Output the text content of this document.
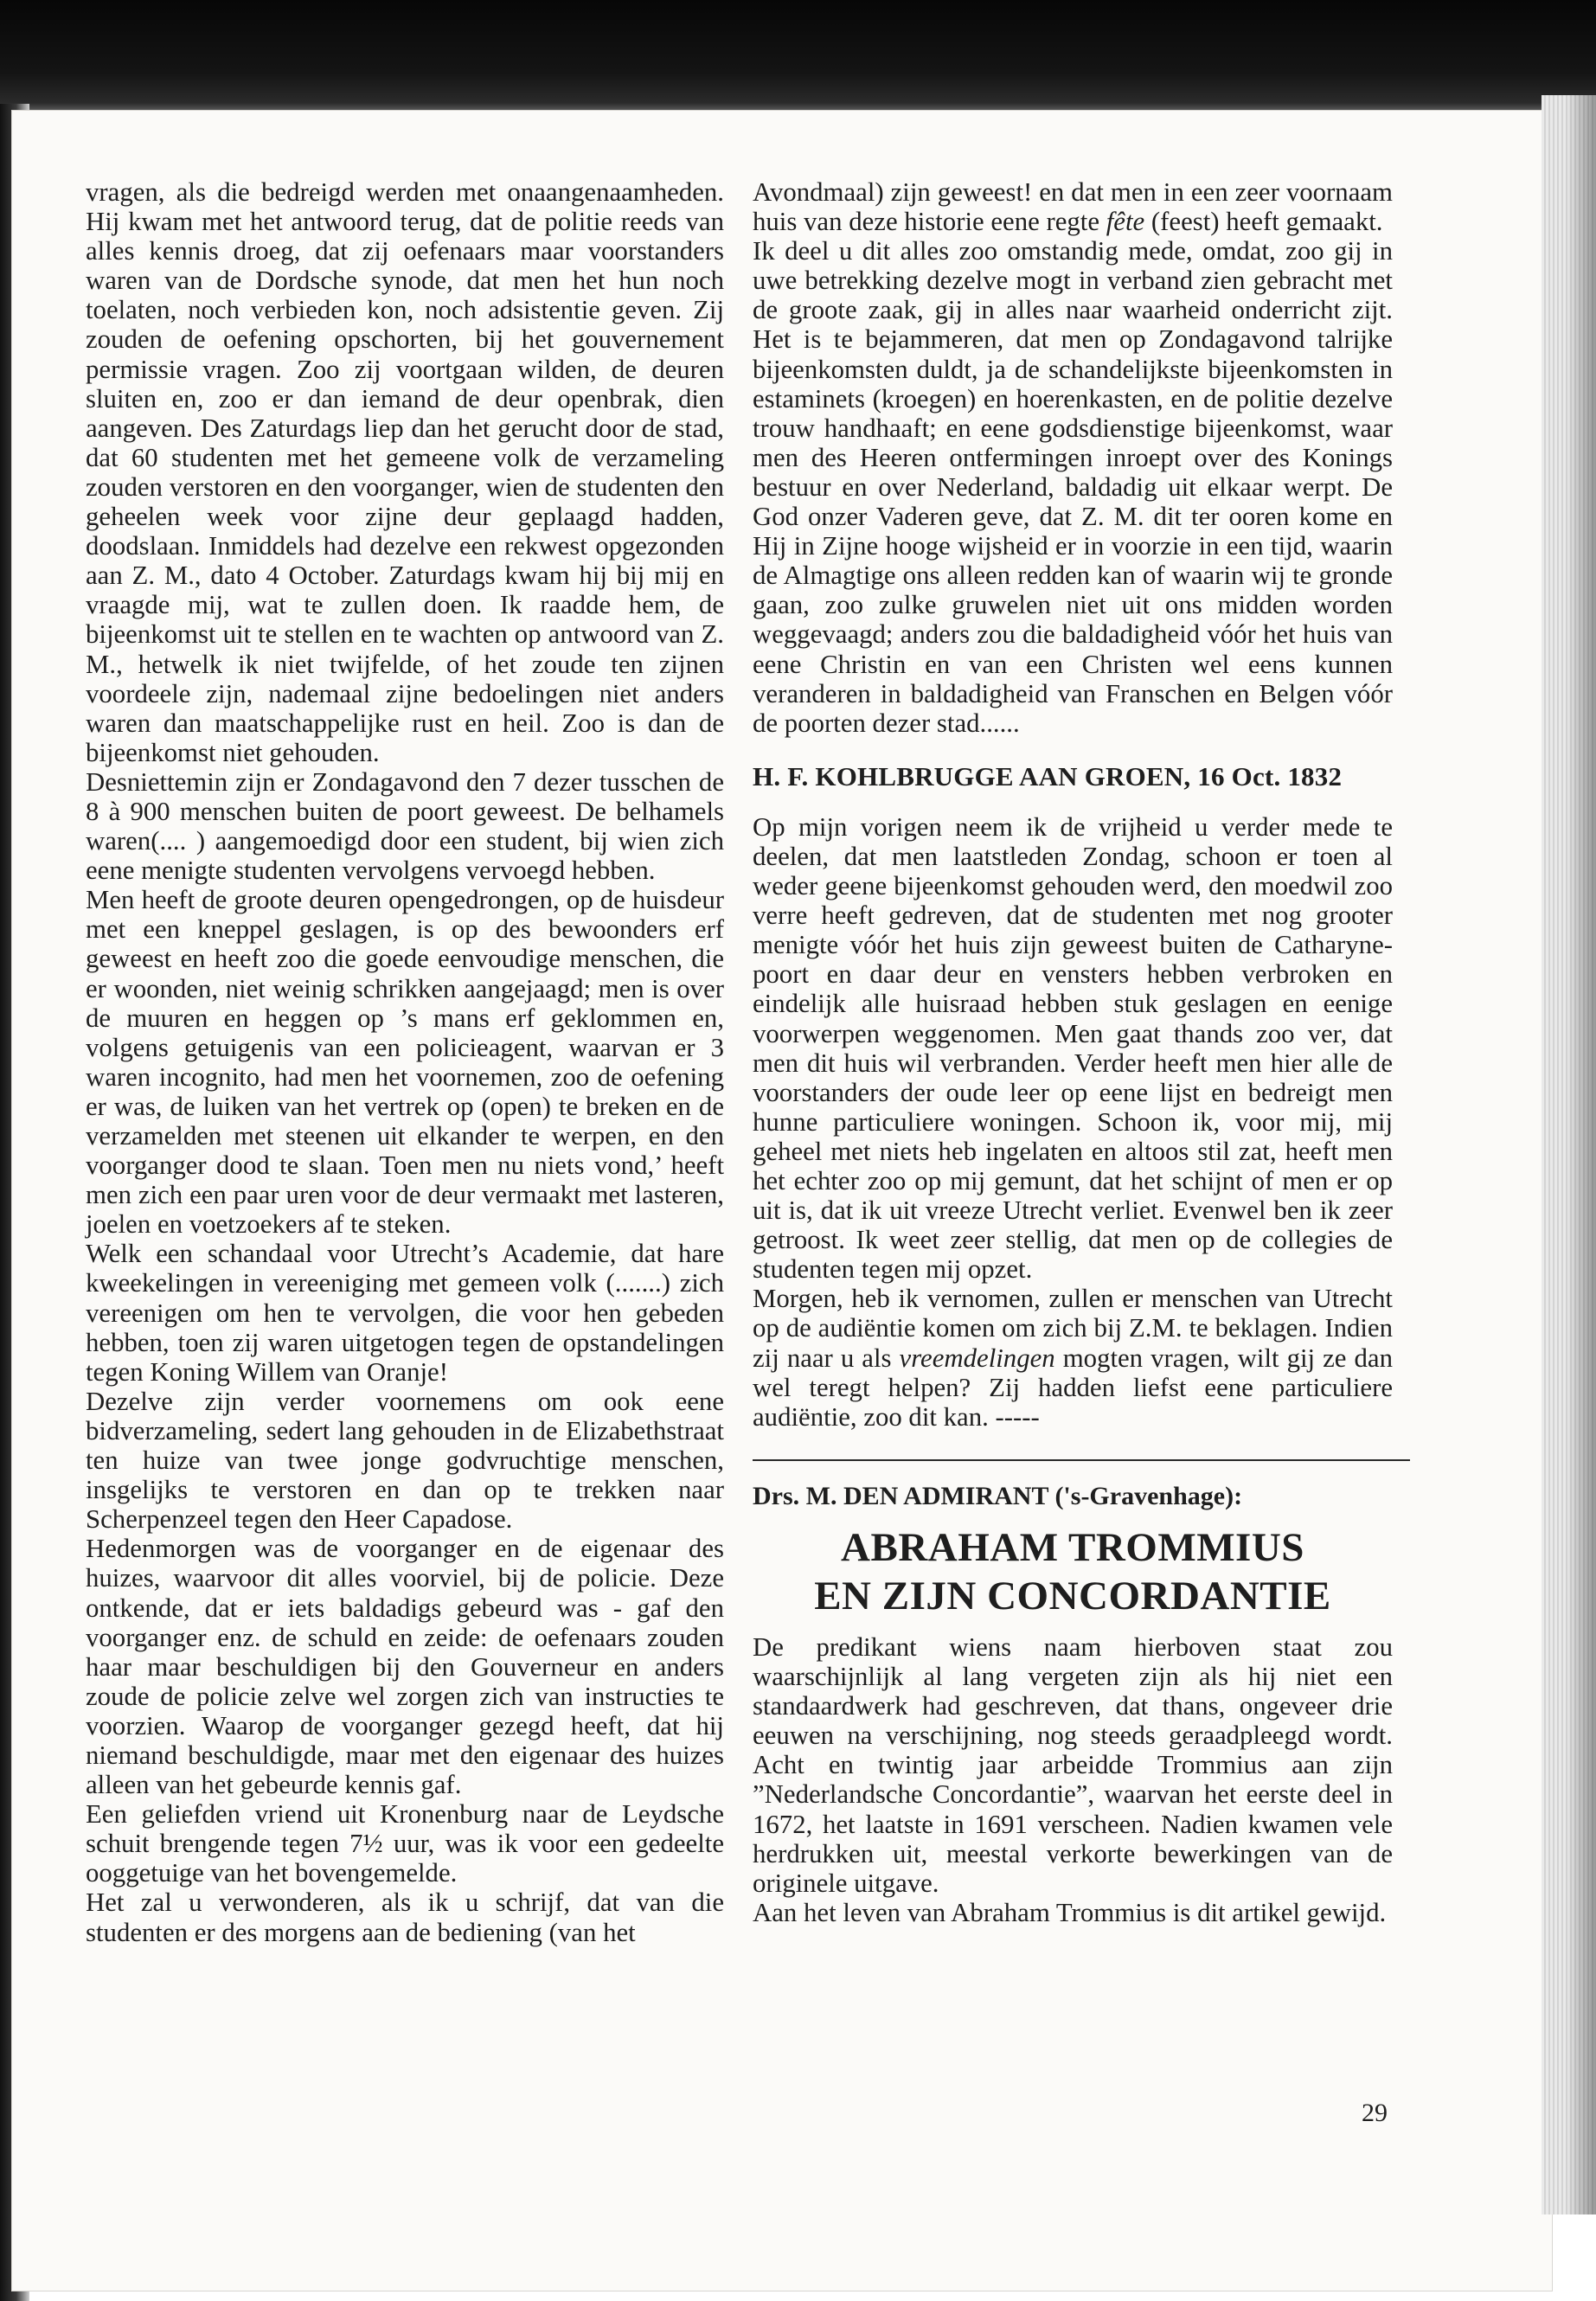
vragen, als die bedreigd werden met onaangenaamheden. Hij kwam met het antwoord terug, dat de politie reeds van alles kennis droeg, dat zij oefenaars maar voorstanders waren van de Dordsche synode, dat men het hun noch toelaten, noch verbieden kon, noch adsistentie geven. Zij zouden de oefening opschorten, bij het gouvernement permissie vragen. Zoo zij voortgaan wilden, de deuren sluiten en, zoo er dan iemand de deur openbrak, dien aangeven. Des Zaturdags liep dan het gerucht door de stad, dat 60 studenten met het gemeene volk de verzameling zouden verstoren en den voorganger, wien de studenten den geheelen week voor zijne deur geplaagd hadden, doodslaan. Inmiddels had dezelve een rekwest opgezonden aan Z. M., dato 4 October. Zaturdags kwam hij bij mij en vraagde mij, wat te zullen doen. Ik raadde hem, de bijeenkomst uit te stellen en te wachten op antwoord van Z. M., hetwelk ik niet twijfelde, of het zoude ten zijnen voordeele zijn, nademaal zijne bedoelingen niet anders waren dan maatschappelijke rust en heil. Zoo is dan de bijeenkomst niet gehouden.

Desniettemin zijn er Zondagavond den 7 dezer tusschen de 8 à 900 menschen buiten de poort geweest. De belhamels waren(.... ) aangemoedigd door een student, bij wien zich eene menigte studenten vervolgens vervoegd hebben.

Men heeft de groote deuren opengedrongen, op de huisdeur met een kneppel geslagen, is op des bewoonders erf geweest en heeft zoo die goede eenvoudige menschen, die er woonden, niet weinig schrikken aangejaagd; men is over de muuren en heggen op ’s mans erf geklommen en, volgens getuigenis van een policieagent, waarvan er 3 waren incognito, had men het voornemen, zoo de oefening er was, de luiken van het vertrek op (open) te breken en de verzamelden met steenen uit elkander te werpen, en den voorganger dood te slaan. Toen men nu niets vond,’ heeft men zich een paar uren voor de deur vermaakt met lasteren, joelen en voetzoekers af te steken.

Welk een schandaal voor Utrecht’s Academie, dat hare kweekelingen in vereeniging met gemeen volk (.......) zich vereenigen om hen te vervolgen, die voor hen gebeden hebben, toen zij waren uitgetogen tegen de opstandelingen tegen Koning Willem van Oranje!

Dezelve zijn verder voornemens om ook eene bidverzameling, sedert lang gehouden in de Elizabethstraat ten huize van twee jonge godvruchtige menschen, insgelijks te verstoren en dan op te trekken naar Scherpenzeel tegen den Heer Capadose.

Hedenmorgen was de voorganger en de eigenaar des huizes, waarvoor dit alles voorviel, bij de policie. Deze ontkende, dat er iets baldadigs gebeurd was - gaf den voorganger enz. de schuld en zeide: de oefenaars zouden haar maar beschuldigen bij den Gouverneur en anders zoude de policie zelve wel zorgen zich van instructies te voorzien. Waarop de voorganger gezegd heeft, dat hij niemand beschuldigde, maar met den eigenaar des huizes alleen van het gebeurde kennis gaf.

Een geliefden vriend uit Kronenburg naar de Leydsche schuit brengende tegen 7½ uur, was ik voor een gedeelte ooggetuige van het bovengemelde.

Het zal u verwonderen, als ik u schrijf, dat van die studenten er des morgens aan de bediening (van het

Avondmaal) zijn geweest! en dat men in een zeer voornaam huis van deze historie eene regte fête (feest) heeft gemaakt.

Ik deel u dit alles zoo omstandig mede, omdat, zoo gij in uwe betrekking dezelve mogt in verband zien gebracht met de groote zaak, gij in alles naar waarheid onderricht zijt. Het is te bejammeren, dat men op Zondagavond talrijke bijeenkomsten duldt, ja de schandelijkste bijeenkomsten in estaminets (kroegen) en hoerenkasten, en de politie dezelve trouw handhaaft; en eene godsdienstige bijeenkomst, waar men des Heeren ontfermingen inroept over des Konings bestuur en over Nederland, baldadig uit elkaar werpt. De God onzer Vaderen geve, dat Z. M. dit ter ooren kome en Hij in Zijne hooge wijsheid er in voorzie in een tijd, waarin de Almagtige ons alleen redden kan of waarin wij te gronde gaan, zoo zulke gruwelen niet uit ons midden worden weggevaagd; anders zou die baldadigheid vóór het huis van eene Christin en van een Christen wel eens kunnen veranderen in baldadigheid van Franschen en Belgen vóór de poorten dezer stad......

H. F. KOHLBRUGGE AAN GROEN, 16 Oct. 1832

Op mijn vorigen neem ik de vrijheid u verder mede te deelen, dat men laatstleden Zondag, schoon er toen al weder geene bijeenkomst gehouden werd, den moedwil zoo verre heeft gedreven, dat de studenten met nog grooter menigte vóór het huis zijn geweest buiten de Catharyne-poort en daar deur en vensters hebben verbroken en eindelijk alle huisraad hebben stuk geslagen en eenige voorwerpen weggenomen. Men gaat thands zoo ver, dat men dit huis wil verbranden. Verder heeft men hier alle de voorstanders der oude leer op eene lijst en bedreigt men hunne particuliere woningen. Schoon ik, voor mij, mij geheel met niets heb ingelaten en altoos stil zat, heeft men het echter zoo op mij gemunt, dat het schijnt of men er op uit is, dat ik uit vreeze Utrecht verliet. Evenwel ben ik zeer getroost. Ik weet zeer stellig, dat men op de collegies de studenten tegen mij opzet.

Morgen, heb ik vernomen, zullen er menschen van Utrecht op de audiëntie komen om zich bij Z.M. te beklagen. Indien zij naar u als vreemdelingen mogten vragen, wilt gij ze dan wel teregt helpen? Zij hadden liefst eene particuliere audiëntie, zoo dit kan. -----

Drs. M. DEN ADMIRANT ('s-Gravenhage):
ABRAHAM TROMMIUS
EN ZIJN CONCORDANTIE

De predikant wiens naam hierboven staat zou waarschijnlijk al lang vergeten zijn als hij niet een standaardwerk had geschreven, dat thans, ongeveer drie eeuwen na verschijning, nog steeds geraadpleegd wordt. Acht en twintig jaar arbeidde Trommius aan zijn ”Nederlandsche Concordantie”, waarvan het eerste deel in 1672, het laatste in 1691 verscheen. Nadien kwamen vele herdrukken uit, meestal verkorte bewerkingen van de originele uitgave.

Aan het leven van Abraham Trommius is dit artikel gewijd.

29
